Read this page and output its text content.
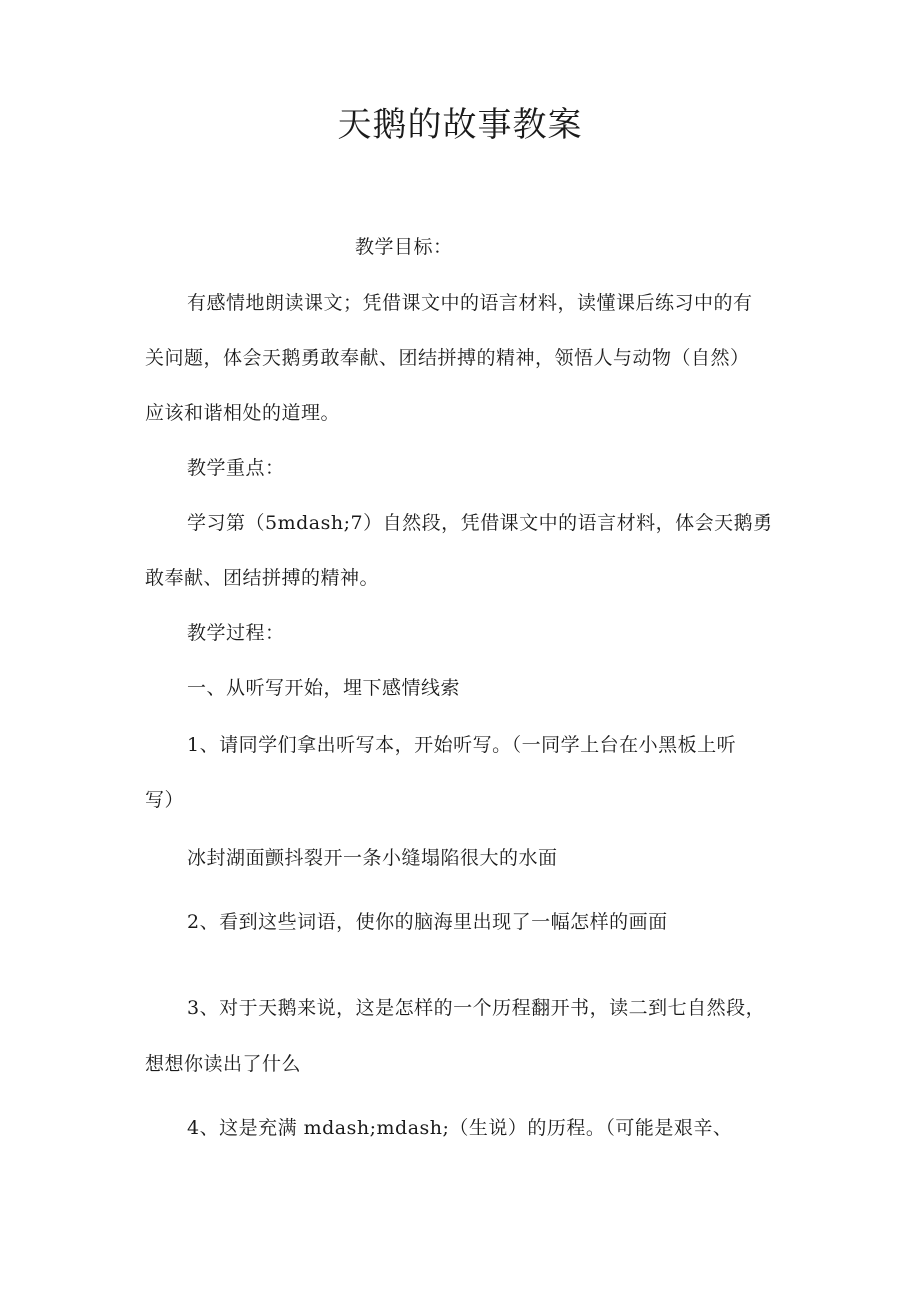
天鹅的故事教案

教学目标：

有感情地朗读课文；凭借课文中的语言材料，读懂课后练习中的有

关问题，体会天鹅勇敢奉献、团结拼搏的精神，领悟人与动物（自然）

应该和谐相处的道理。

教学重点：

学习第（5mdash;7）自然段，凭借课文中的语言材料，体会天鹅勇

敢奉献、团结拼搏的精神。

教学过程：

一、从听写开始，埋下感情线索

1、请同学们拿出听写本，开始听写。（一同学上台在小黑板上听

写）

冰封湖面颤抖裂开一条小缝塌陷很大的水面

2、看到这些词语，使你的脑海里出现了一幅怎样的画面

3、对于天鹅来说，这是怎样的一个历程翻开书，读二到七自然段，

想想你读出了什么

4、这是充满 mdash;mdash;（生说）的历程。（可能是艰辛、
